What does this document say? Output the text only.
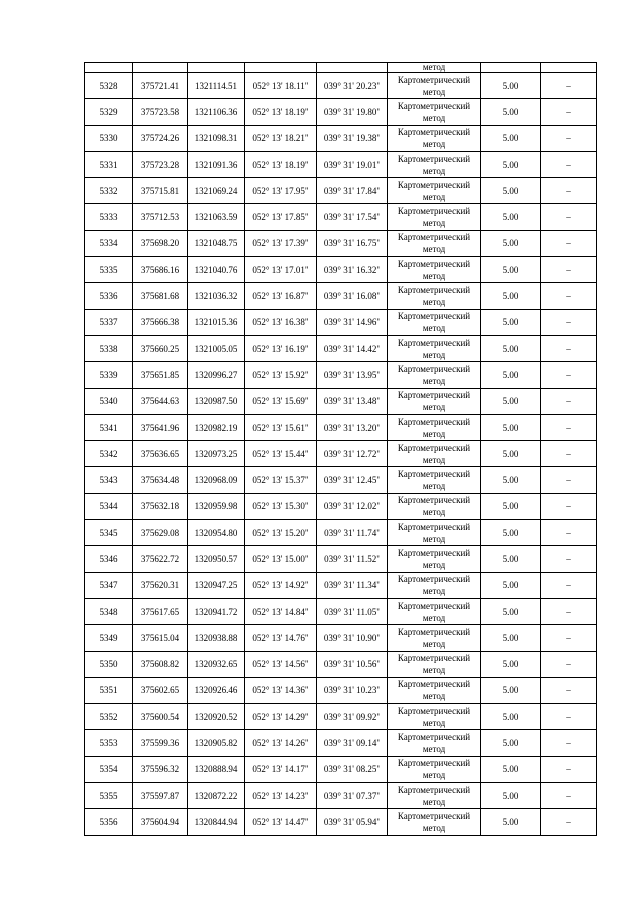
					метод		

5328	375721.41	1321114.51	052° 13' 18.11"	039° 31' 20.23"	Картометрический
метод	5.00	–
5329	375723.58	1321106.36	052° 13' 18.19"	039° 31' 19.80"	Картометрический
метод	5.00	–
5330	375724.26	1321098.31	052° 13' 18.21"	039° 31' 19.38"	Картометрический
метод	5.00	–
5331	375723.28	1321091.36	052° 13' 18.19"	039° 31' 19.01"	Картометрический
метод	5.00	–
5332	375715.81	1321069.24	052° 13' 17.95"	039° 31' 17.84"	Картометрический
метод	5.00	–
5333	375712.53	1321063.59	052° 13' 17.85"	039° 31' 17.54"	Картометрический
метод	5.00	–
5334	375698.20	1321048.75	052° 13' 17.39"	039° 31' 16.75"	Картометрический
метод	5.00	–
5335	375686.16	1321040.76	052° 13' 17.01"	039° 31' 16.32"	Картометрический
метод	5.00	–
5336	375681.68	1321036.32	052° 13' 16.87"	039° 31' 16.08"	Картометрический
метод	5.00	–
5337	375666.38	1321015.36	052° 13' 16.38"	039° 31' 14.96"	Картометрический
метод	5.00	–
5338	375660.25	1321005.05	052° 13' 16.19"	039° 31' 14.42"	Картометрический
метод	5.00	–
5339	375651.85	1320996.27	052° 13' 15.92"	039° 31' 13.95"	Картометрический
метод	5.00	–
5340	375644.63	1320987.50	052° 13' 15.69"	039° 31' 13.48"	Картометрический
метод	5.00	–
5341	375641.96	1320982.19	052° 13' 15.61"	039° 31' 13.20"	Картометрический
метод	5.00	–
5342	375636.65	1320973.25	052° 13' 15.44"	039° 31' 12.72"	Картометрический
метод	5.00	–
5343	375634.48	1320968.09	052° 13' 15.37"	039° 31' 12.45"	Картометрический
метод	5.00	–
5344	375632.18	1320959.98	052° 13' 15.30"	039° 31' 12.02"	Картометрический
метод	5.00	–
5345	375629.08	1320954.80	052° 13' 15.20"	039° 31' 11.74"	Картометрический
метод	5.00	–
5346	375622.72	1320950.57	052° 13' 15.00"	039° 31' 11.52"	Картометрический
метод	5.00	–
5347	375620.31	1320947.25	052° 13' 14.92"	039° 31' 11.34"	Картометрический
метод	5.00	–
5348	375617.65	1320941.72	052° 13' 14.84"	039° 31' 11.05"	Картометрический
метод	5.00	–
5349	375615.04	1320938.88	052° 13' 14.76"	039° 31' 10.90"	Картометрический
метод	5.00	–
5350	375608.82	1320932.65	052° 13' 14.56"	039° 31' 10.56"	Картометрический
метод	5.00	–
5351	375602.65	1320926.46	052° 13' 14.36"	039° 31' 10.23"	Картометрический
метод	5.00	–
5352	375600.54	1320920.52	052° 13' 14.29"	039° 31' 09.92"	Картометрический
метод	5.00	–
5353	375599.36	1320905.82	052° 13' 14.26"	039° 31' 09.14"	Картометрический
метод	5.00	–
5354	375596.32	1320888.94	052° 13' 14.17"	039° 31' 08.25"	Картометрический
метод	5.00	–
5355	375597.87	1320872.22	052° 13' 14.23"	039° 31' 07.37"	Картометрический
метод	5.00	–
5356	375604.94	1320844.94	052° 13' 14.47"	039° 31' 05.94"	Картометрический
метод	5.00	–
